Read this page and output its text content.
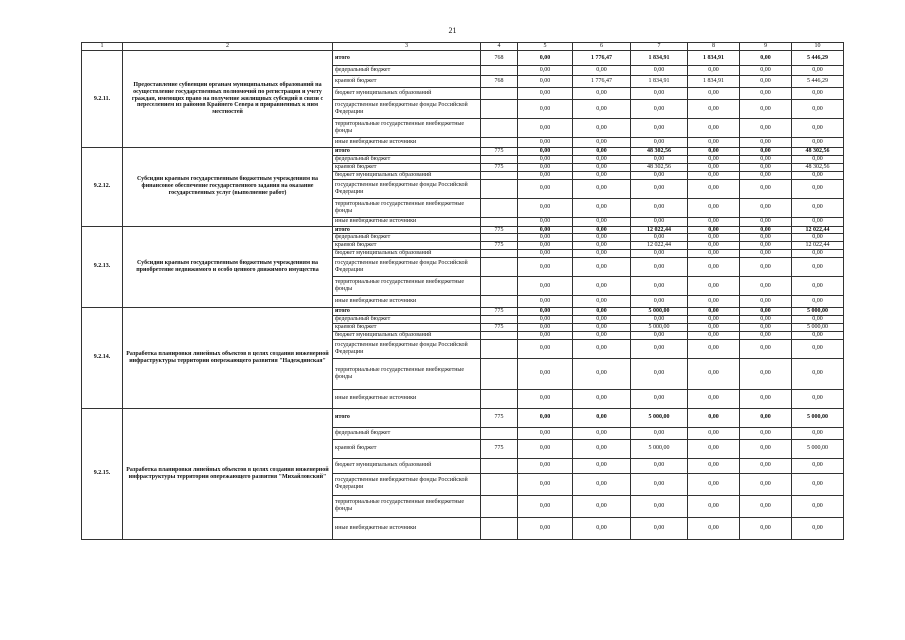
21
1	2	3	4	5	6	7	8	9	10
9.2.11.	Предоставление субвенции органам муниципальных образований на осуществление государственных полномочий по регистрации и учету граждан, имеющих право на получение жилищных субсидий в связи с переселением из районов Крайнего Севера и приравненных к ним местностей	итого	768	0,00	1 776,47	1 834,91	1 834,91	0,00	5 446,29
		федеральный бюджет		0,00	0,00	0,00	0,00	0,00	0,00
		краевой бюджет	768	0,00	1 776,47	1 834,91	1 834,91	0,00	5 446,29
		бюджет муниципальных образований		0,00	0,00	0,00	0,00	0,00	0,00
		государственные внебюджетные фонды Российской Федерации		0,00	0,00	0,00	0,00	0,00	0,00
		территориальные государственные внебюджетные фонды		0,00	0,00	0,00	0,00	0,00	0,00
		иные внебюджетные источники		0,00	0,00	0,00	0,00	0,00	0,00
9.2.12.	Субсидии краевым государственным бюджетным учреждениям на финансовое обеспечение государственного задания на оказание государственных услуг (выполнение работ)	итого	775	0,00	0,00	48 302,56	0,00	0,00	48 302,56
		федеральный бюджет		0,00	0,00	0,00	0,00	0,00	0,00
		краевой бюджет	775	0,00	0,00	48 302,56	0,00	0,00	48 302,56
		бюджет муниципальных образований		0,00	0,00	0,00	0,00	0,00	0,00
		государственные внебюджетные фонды Российской Федерации		0,00	0,00	0,00	0,00	0,00	0,00
		территориальные государственные внебюджетные фонды		0,00	0,00	0,00	0,00	0,00	0,00
		иные внебюджетные источники		0,00	0,00	0,00	0,00	0,00	0,00
9.2.13.	Субсидии краевым государственным бюджетным учреждениям на приобретение недвижимого и особо ценного движимого имущества	итого	775	0,00	0,00	12 022,44	0,00	0,00	12 022,44
		федеральный бюджет		0,00	0,00	0,00	0,00	0,00	0,00
		краевой бюджет	775	0,00	0,00	12 022,44	0,00	0,00	12 022,44
		бюджет муниципальных образований		0,00	0,00	0,00	0,00	0,00	0,00
		государственные внебюджетные фонды Российской Федерации		0,00	0,00	0,00	0,00	0,00	0,00
		территориальные государственные внебюджетные фонды		0,00	0,00	0,00	0,00	0,00	0,00
		иные внебюджетные источники		0,00	0,00	0,00	0,00	0,00	0,00
9.2.14.	Разработка планировки линейных объектов в целях создания инженерной инфраструктуры территории опережающего развития "Надеждинская"	итого	775	0,00	0,00	5 000,00	0,00	0,00	5 000,00
		федеральный бюджет		0,00	0,00	0,00	0,00	0,00	0,00
		краевой бюджет	775	0,00	0,00	5 000,00	0,00	0,00	5 000,00
		бюджет муниципальных образований		0,00	0,00	0,00	0,00	0,00	0,00
		государственные внебюджетные фонды Российской Федерации		0,00	0,00	0,00	0,00	0,00	0,00
		территориальные государственные внебюджетные фонды		0,00	0,00	0,00	0,00	0,00	0,00
		иные внебюджетные источники		0,00	0,00	0,00	0,00	0,00	0,00
9.2.15.	Разработка планировки линейных объектов в целях создания инженерной инфраструктуры территории опережающего развития "Михайловский"	итого	775	0,00	0,00	5 000,00	0,00	0,00	5 000,00
		федеральный бюджет		0,00	0,00	0,00	0,00	0,00	0,00
		краевой бюджет	775	0,00	0,00	5 000,00	0,00	0,00	5 000,00
		бюджет муниципальных образований		0,00	0,00	0,00	0,00	0,00	0,00
		государственные внебюджетные фонды Российской Федерации		0,00	0,00	0,00	0,00	0,00	0,00
		территориальные государственные внебюджетные фонды		0,00	0,00	0,00	0,00	0,00	0,00
		иные внебюджетные источники		0,00	0,00	0,00	0,00	0,00	0,00
